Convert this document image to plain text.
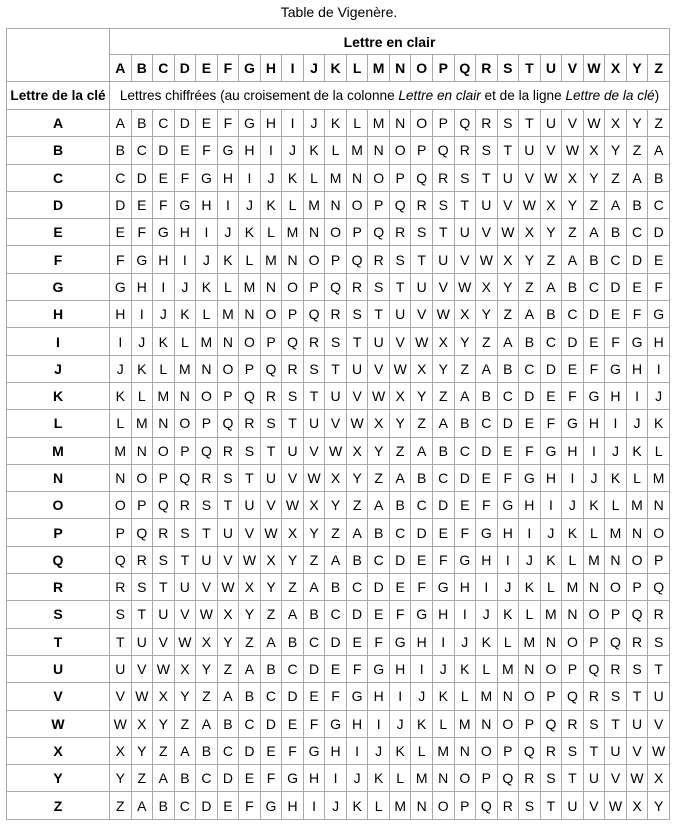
Table de Vigenère.
	Lettre en clair																									
	A	B	C	D	E	F	G	H	I	J	K	L	M	N	O	P	Q	R	S	T	U	V	W	X	Y	Z
Lettre de la clé	Lettres chiffrées (au croisement de la colonne Lettre en clair et de la ligne Lettre de la clé)																									
A	A	B	C	D	E	F	G	H	I	J	K	L	M	N	O	P	Q	R	S	T	U	V	W	X	Y	Z
B	B	C	D	E	F	G	H	I	J	K	L	M	N	O	P	Q	R	S	T	U	V	W	X	Y	Z	A
C	C	D	E	F	G	H	I	J	K	L	M	N	O	P	Q	R	S	T	U	V	W	X	Y	Z	A	B
D	D	E	F	G	H	I	J	K	L	M	N	O	P	Q	R	S	T	U	V	W	X	Y	Z	A	B	C
E	E	F	G	H	I	J	K	L	M	N	O	P	Q	R	S	T	U	V	W	X	Y	Z	A	B	C	D
F	F	G	H	I	J	K	L	M	N	O	P	Q	R	S	T	U	V	W	X	Y	Z	A	B	C	D	E
G	G	H	I	J	K	L	M	N	O	P	Q	R	S	T	U	V	W	X	Y	Z	A	B	C	D	E	F
H	H	I	J	K	L	M	N	O	P	Q	R	S	T	U	V	W	X	Y	Z	A	B	C	D	E	F	G
I	I	J	K	L	M	N	O	P	Q	R	S	T	U	V	W	X	Y	Z	A	B	C	D	E	F	G	H
J	J	K	L	M	N	O	P	Q	R	S	T	U	V	W	X	Y	Z	A	B	C	D	E	F	G	H	I
K	K	L	M	N	O	P	Q	R	S	T	U	V	W	X	Y	Z	A	B	C	D	E	F	G	H	I	J
L	L	M	N	O	P	Q	R	S	T	U	V	W	X	Y	Z	A	B	C	D	E	F	G	H	I	J	K
M	M	N	O	P	Q	R	S	T	U	V	W	X	Y	Z	A	B	C	D	E	F	G	H	I	J	K	L
N	N	O	P	Q	R	S	T	U	V	W	X	Y	Z	A	B	C	D	E	F	G	H	I	J	K	L	M
O	O	P	Q	R	S	T	U	V	W	X	Y	Z	A	B	C	D	E	F	G	H	I	J	K	L	M	N
P	P	Q	R	S	T	U	V	W	X	Y	Z	A	B	C	D	E	F	G	H	I	J	K	L	M	N	O
Q	Q	R	S	T	U	V	W	X	Y	Z	A	B	C	D	E	F	G	H	I	J	K	L	M	N	O	P
R	R	S	T	U	V	W	X	Y	Z	A	B	C	D	E	F	G	H	I	J	K	L	M	N	O	P	Q
S	S	T	U	V	W	X	Y	Z	A	B	C	D	E	F	G	H	I	J	K	L	M	N	O	P	Q	R
T	T	U	V	W	X	Y	Z	A	B	C	D	E	F	G	H	I	J	K	L	M	N	O	P	Q	R	S
U	U	V	W	X	Y	Z	A	B	C	D	E	F	G	H	I	J	K	L	M	N	O	P	Q	R	S	T
V	V	W	X	Y	Z	A	B	C	D	E	F	G	H	I	J	K	L	M	N	O	P	Q	R	S	T	U
W	W	X	Y	Z	A	B	C	D	E	F	G	H	I	J	K	L	M	N	O	P	Q	R	S	T	U	V
X	X	Y	Z	A	B	C	D	E	F	G	H	I	J	K	L	M	N	O	P	Q	R	S	T	U	V	W
Y	Y	Z	A	B	C	D	E	F	G	H	I	J	K	L	M	N	O	P	Q	R	S	T	U	V	W	X
Z	Z	A	B	C	D	E	F	G	H	I	J	K	L	M	N	O	P	Q	R	S	T	U	V	W	X	Y
